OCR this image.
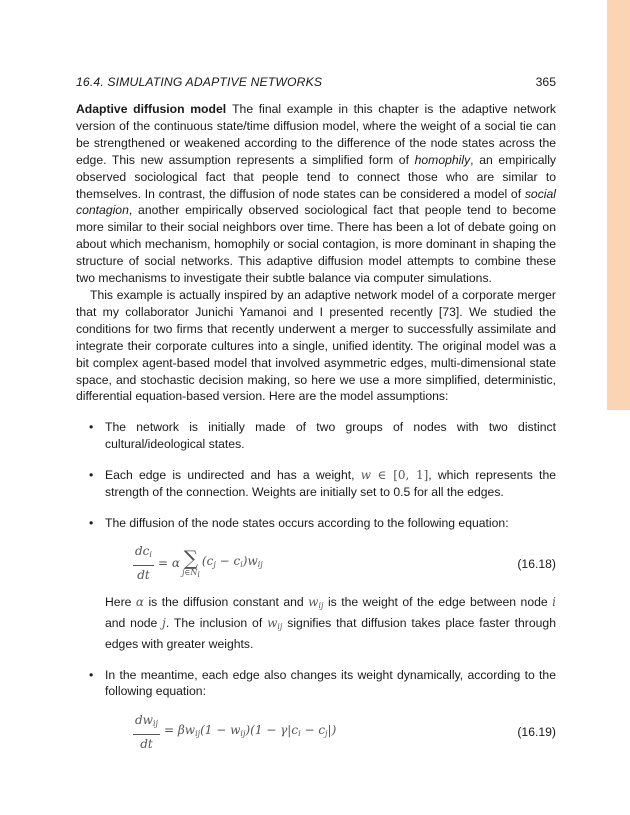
16.4. SIMULATING ADAPTIVE NETWORKS	365

Adaptive diffusion model The final example in this chapter is the adaptive network version of the continuous state/time diffusion model, where the weight of a social tie can be strengthened or weakened according to the difference of the node states across the edge. This new assumption represents a simplified form of homophily, an empirically observed sociological fact that people tend to connect those who are similar to themselves. In contrast, the diffusion of node states can be considered a model of social contagion, another empirically observed sociological fact that people tend to become more similar to their social neighbors over time. There has been a lot of debate going on about which mechanism, homophily or social contagion, is more dominant in shaping the structure of social networks. This adaptive diffusion model attempts to combine these two mechanisms to investigate their subtle balance via computer simulations.

This example is actually inspired by an adaptive network model of a corporate merger that my collaborator Junichi Yamanoi and I presented recently [73]. We studied the conditions for two firms that recently underwent a merger to successfully assimilate and integrate their corporate cultures into a single, unified identity. The original model was a bit complex agent-based model that involved asymmetric edges, multi-dimensional state space, and stochastic decision making, so here we use a more simplified, deterministic, differential equation-based version. Here are the model assumptions:

• The network is initially made of two groups of nodes with two distinct cultural/ideological states.
• Each edge is undirected and has a weight, w ∈ [0, 1], which represents the strength of the connection. Weights are initially set to 0.5 for all the edges.
• The diffusion of the node states occurs according to the following equation:
$\frac{dc_i}{dt} = \alpha$ ∑
$j\in N_i$
$(c_j - c_i)w_{ij}$	(16.18)
Here α is the diffusion constant and $w_{ij}$ is the weight of the edge between node i and node j. The inclusion of $w_{ij}$ signifies that diffusion takes place faster through edges with greater weights.
• In the meantime, each edge also changes its weight dynamically, according to the following equation:
$\frac{dw_{ij}}{dt} = \beta w_{ij}(1 - w_{ij})(1 - \gamma|c_i - c_j|)$	(16.19)
